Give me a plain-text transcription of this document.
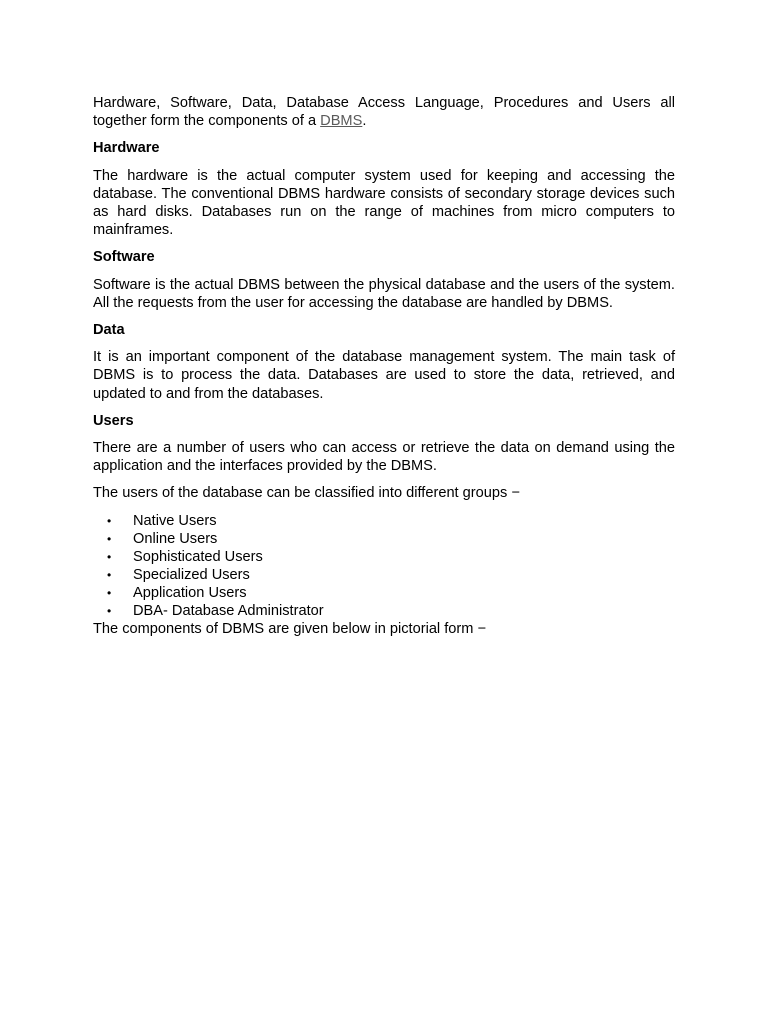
Hardware, Software, Data, Database Access Language, Procedures and Users all together form the components of a DBMS.

Hardware

The hardware is the actual computer system used for keeping and accessing the database. The conventional DBMS hardware consists of secondary storage devices such as hard disks. Databases run on the range of machines from micro computers to mainframes.

Software

Software is the actual DBMS between the physical database and the users of the system. All the requests from the user for accessing the database are handled by DBMS.

Data

It is an important component of the database management system. The main task of DBMS is to process the data. Databases are used to store the data, retrieved, and updated to and from the databases.

Users

There are a number of users who can access or retrieve the data on demand using the application and the interfaces provided by the DBMS.

The users of the database can be classified into different groups −

• Native Users
• Online Users
• Sophisticated Users
• Specialized Users
• Application Users
• DBA- Database Administrator

The components of DBMS are given below in pictorial form −
